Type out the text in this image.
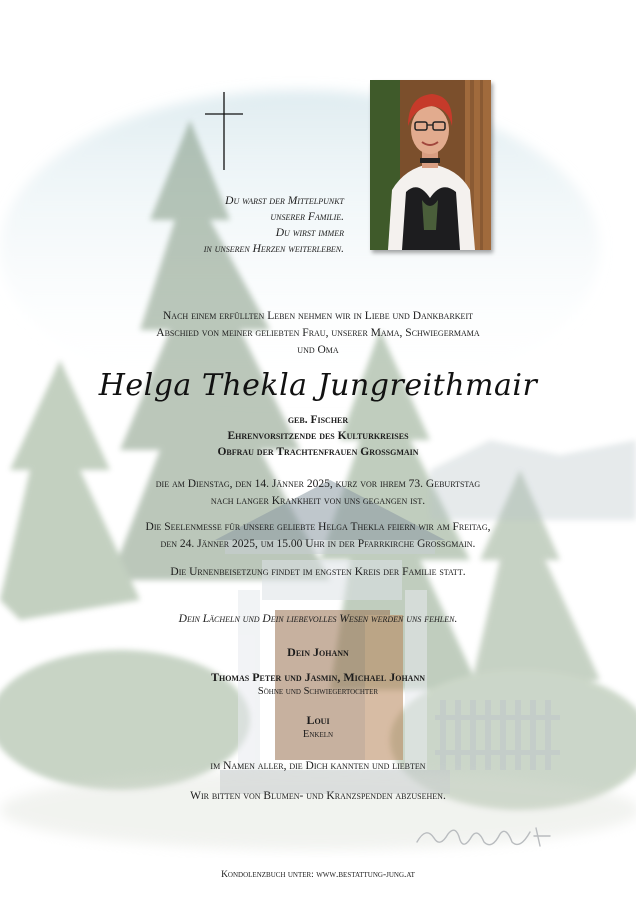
Du warst der Mittelpunkt
unserer Familie.
Du wirst immer
in unseren Herzen weiterleben.
Nach einem erfüllten Leben nehmen wir in Liebe und Dankbarkeit
Abschied von meiner geliebten Frau, unserer Mama, Schwiegermama
und Oma
Helga Thekla Jungreithmair
geb. Fischer
Ehrenvorsitzende des Kulturkreises
Obfrau der Trachtenfrauen Grossgmain
die am Dienstag, den 14. Jänner 2025, kurz vor ihrem 73. Geburtstag
nach langer Krankheit von uns gegangen ist.
Die Seelenmesse für unsere geliebte Helga Thekla feiern wir am Freitag,
den 24. Jänner 2025, um 15.00 Uhr in der Pfarrkirche Grossgmain.
Die Urnenbeisetzung findet im engsten Kreis der Familie statt.
Dein Lächeln und Dein liebevolles Wesen werden uns fehlen.
Dein Johann
Thomas Peter und Jasmin, Michael Johann
Söhne und Schwiegertochter
Loui
Enkeln
im Namen aller, die Dich kannten und liebten
Wir bitten von Blumen- und Kranzspenden abzusehen.
Kondolenzbuch unter: www.bestattung-jung.at
